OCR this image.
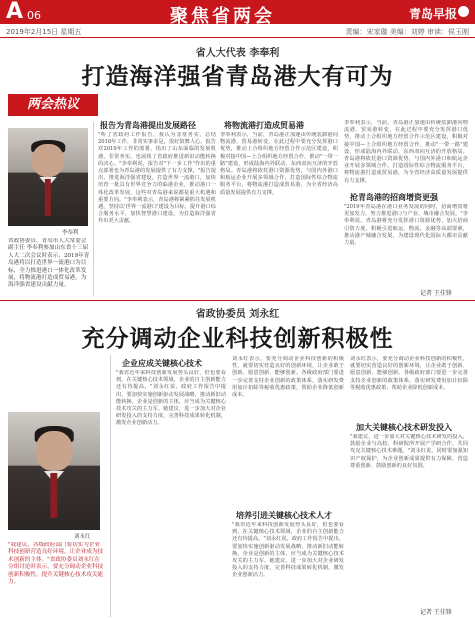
A 06	聚焦省两会	青岛早报
2019年2月15日 星期五	责编：宋家璇 美编：刘婷 审读：侯玉刚
省人大代表 李奉利
打造海洋强省青岛港大有可为
两会热议
李奉利
省政协委员、青岛市人大常委会副主任 李奉利参加山东省十三届人大二次会议时表示，2019年青岛港将以打造世界一流港口为目标，全力推进港口一体化改革发展，将物流港打造成贸易港，为海洋强省建设贡献力量。
报告为青岛港提出发展路径
"听了省政府工作报告，我认为非常务实，总结2018年工作，非常实事求是，很好鼓舞人心。报告对2019年工作的部署，指出了山东面临的发展机遇，非常务实，也展现了省政府推进新旧动能转换的决心。"李奉利说，报告对"下一步工作"作出的重点部署也为青岛港的发展提供了有力支撑。"报告提出，推进海洋强省建设，打造世界一流港口，加快培育一批具有世界竞争力的临港企业，推动港口一体化改革发展，这些对青岛港来说都是重大机遇和重要方向。"李奉利表示，青岛港将紧紧抓住发展机遇，坚持以'世界一流港口'建设为目标，提升港口综合服务水平，加快智慧港口建设，为打造海洋强省作出更大贡献。
将物流港打造成贸易港
李奉利表示，当前，青岛港正加速由传统装卸港向物流港、贸易港转变，在此过程中要充分发挥港口优势，推动上合组织地方经贸合作示范区建设，积极对接中国—上合组织地方经贸合作，推动"一带一路"建设，形成陆海内外联动、东西双向互济的开放格局。青岛港将依托港口资源优势，与国内外港口和航运企业开展多领域合作，打造国际性综合物流服务平台，将物流港打造成贸易港，为全省经济高质量发展提供有力支撑。
李奉利表示，当前，青岛港正加速由传统装卸港向物流港、贸易港转变，在此过程中要充分发挥港口优势，推动上合组织地方经贸合作示范区建设，积极对接中国—上合组织地方经贸合作，推动"一带一路"建设，形成陆海内外联动、东西双向互济的开放格局。青岛港将依托港口资源优势，与国内外港口和航运企业开展多领域合作，打造国际性综合物流服务平台，将物流港打造成贸易港，为全省经济高质量发展提供有力支撑。
抢青岛港的招商增资更强
"2019年青岛港在港口业务发展的同时，招商增资将更加发力，努力推进港口与产业、城市融合发展。"李奉利说，青岛港将充分发挥港口资源优势，加大招商引资力度，积极引进航运、物流、金融等高端要素，推动港产城融合发展，为建设现代化国际大都市贡献力量。
记者 王佳锋
省政协委员 刘永红
充分调动企业科技创新积极性
企业应成关键核心技术
"我省近年来科技创新发展势头良好，但也要看到，在关键核心技术领域，企业的自主创新能力还有待提高。"刘永红说，政府工作报告中提出，要加快实施创新驱动发展战略，推动新旧动能转换。企业是创新的主体，应当成为关键核心技术攻关的主力军。她建议，进一步加大对企业研发投入的支持力度，完善科技成果转化机制，激发企业创新活力。
刘永红
"我建议，各级政府部门要切实为企业科技创新营造良好环境，让企业成为技术创新的主体。"省政协委员刘永红在分组讨论时表示，要充分调动企业科技创新积极性，提升关键核心技术攻关能力。
刘永红表示，要充分调动企业科技创新的积极性，就要切实营造良好的创新环境，让企业敢于创新、愿意创新、能够创新。各级政府部门要进一步完善支持企业创新的政策体系，落实研发费用加计扣除等税收优惠政策，帮助企业降低创新成本。
培养引进关键核心技术人才
"我省近年来科技创新发展势头良好，但也要看到，在关键核心技术领域，企业的自主创新能力还有待提高。"刘永红说，政府工作报告中提出，要加快实施创新驱动发展战略，推动新旧动能转换。企业是创新的主体，应当成为关键核心技术攻关的主力军。她建议，进一步加大对企业研发投入的支持力度，完善科技成果转化机制，激发企业创新活力。
刘永红表示，要充分调动企业科技创新的积极性，就要切实营造良好的创新环境，让企业敢于创新、愿意创新、能够创新。各级政府部门要进一步完善支持企业创新的政策体系，落实研发费用加计扣除等税收优惠政策，帮助企业降低创新成本。
加大关键核心技术研发投入
"我建议，进一步加大对关键核心技术研发的投入，鼓励企业与高校、科研院所开展产学研合作，共同攻克关键核心技术难题。"刘永红说，同时要加强知识产权保护，为企业创新成果提供有力保障，营造尊重创新、鼓励创新的良好氛围。
记者 王佳锋
